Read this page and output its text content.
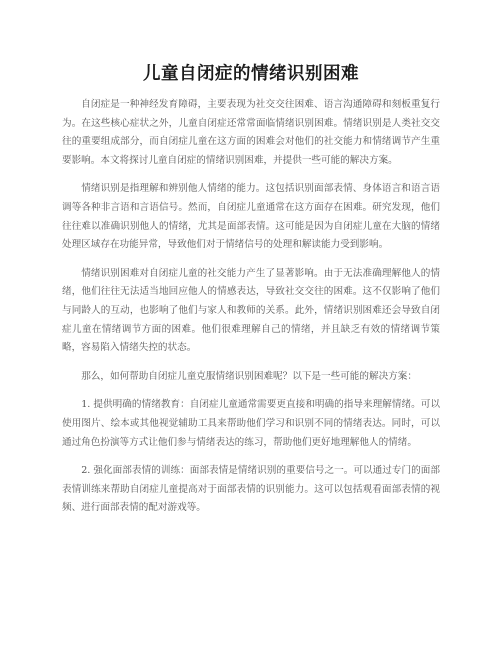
儿童自闭症的情绪识别困难

自闭症是一种神经发育障碍，主要表现为社交交往困难、语言沟通障碍和刻板重复行为。在这些核心症状之外，儿童自闭症还常常面临情绪识别困难。情绪识别是人类社交交往的重要组成部分，而自闭症儿童在这方面的困难会对他们的社交能力和情绪调节产生重要影响。本文将探讨儿童自闭症的情绪识别困难，并提供一些可能的解决方案。

情绪识别是指理解和辨别他人情绪的能力。这包括识别面部表情、身体语言和语言语调等各种非言语和言语信号。然而，自闭症儿童通常在这方面存在困难。研究发现，他们往往难以准确识别他人的情绪，尤其是面部表情。这可能是因为自闭症儿童在大脑的情绪处理区域存在功能异常，导致他们对于情绪信号的处理和解读能力受到影响。

情绪识别困难对自闭症儿童的社交能力产生了显著影响。由于无法准确理解他人的情绪，他们往往无法适当地回应他人的情感表达，导致社交交往的困难。这不仅影响了他们与同龄人的互动，也影响了他们与家人和教师的关系。此外，情绪识别困难还会导致自闭症儿童在情绪调节方面的困难。他们很难理解自己的情绪，并且缺乏有效的情绪调节策略，容易陷入情绪失控的状态。

那么，如何帮助自闭症儿童克服情绪识别困难呢？以下是一些可能的解决方案：

1. 提供明确的情绪教育：自闭症儿童通常需要更直接和明确的指导来理解情绪。可以使用图片、绘本或其他视觉辅助工具来帮助他们学习和识别不同的情绪表达。同时，可以通过角色扮演等方式让他们参与情绪表达的练习，帮助他们更好地理解他人的情绪。

2. 强化面部表情的训练：面部表情是情绪识别的重要信号之一。可以通过专门的面部表情训练来帮助自闭症儿童提高对于面部表情的识别能力。这可以包括观看面部表情的视频、进行面部表情的配对游戏等。
